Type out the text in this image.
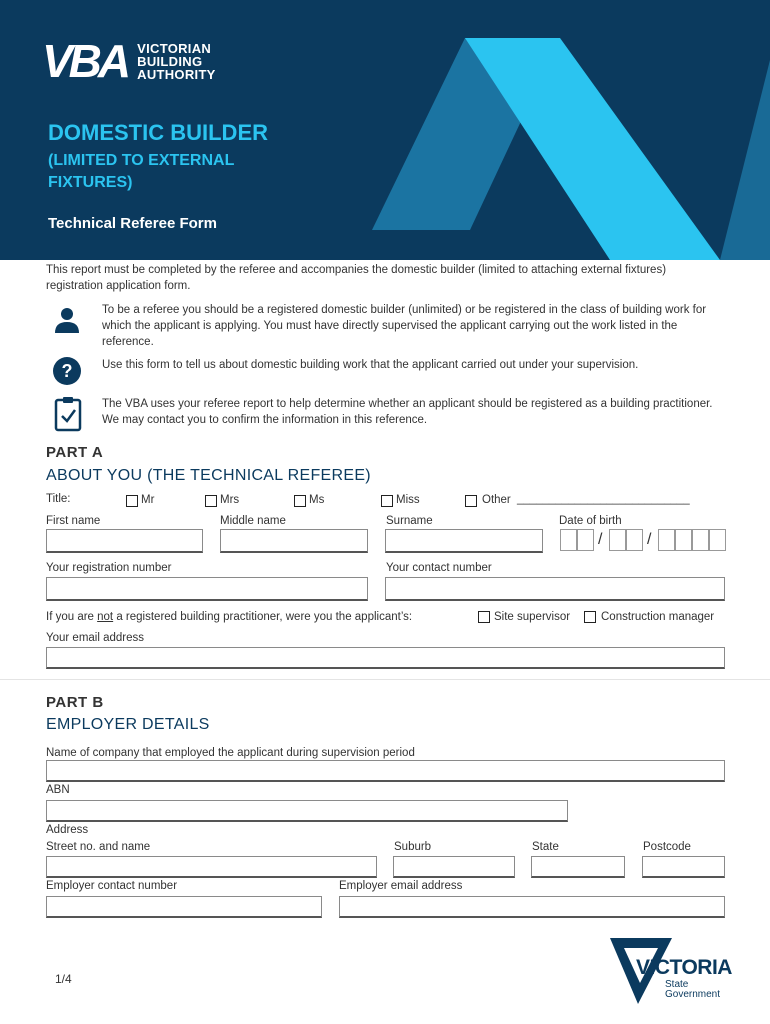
VBA VICTORIAN
BUILDING
AUTHORITY
DOMESTIC BUILDER
(LIMITED TO EXTERNAL FIXTURES)
Technical Referee Form
This report must be completed by the referee and accompanies the domestic builder (limited to attaching external fixtures) registration application form.
To be a referee you should be a registered domestic builder (unlimited) or be registered in the class of building work for which the applicant is applying. You must have directly supervised the applicant carrying out the work listed in the reference.
?	Use this form to tell us about domestic building work that the applicant carried out under your supervision.
The VBA uses your referee report to help determine whether an applicant should be registered as a building practitioner. We may contact you to confirm the information in this reference.
PART A
ABOUT YOU (THE TECHNICAL REFEREE)
Title:	Mr	Mrs	Ms	Miss	Other ___________________________
First name	Middle name	Surname	Date of birth
/	/
Your registration number	Your contact number
If you are not a registered building practitioner, were you the applicant’s:	Site supervisor	Construction manager
Your email address
PART B
EMPLOYER DETAILS
Name of company that employed the applicant during supervision period
ABN
Address
Street no. and name	Suburb	State	Postcode
Employer contact number	Employer email address
1/4	VICTORIA
State
Government
